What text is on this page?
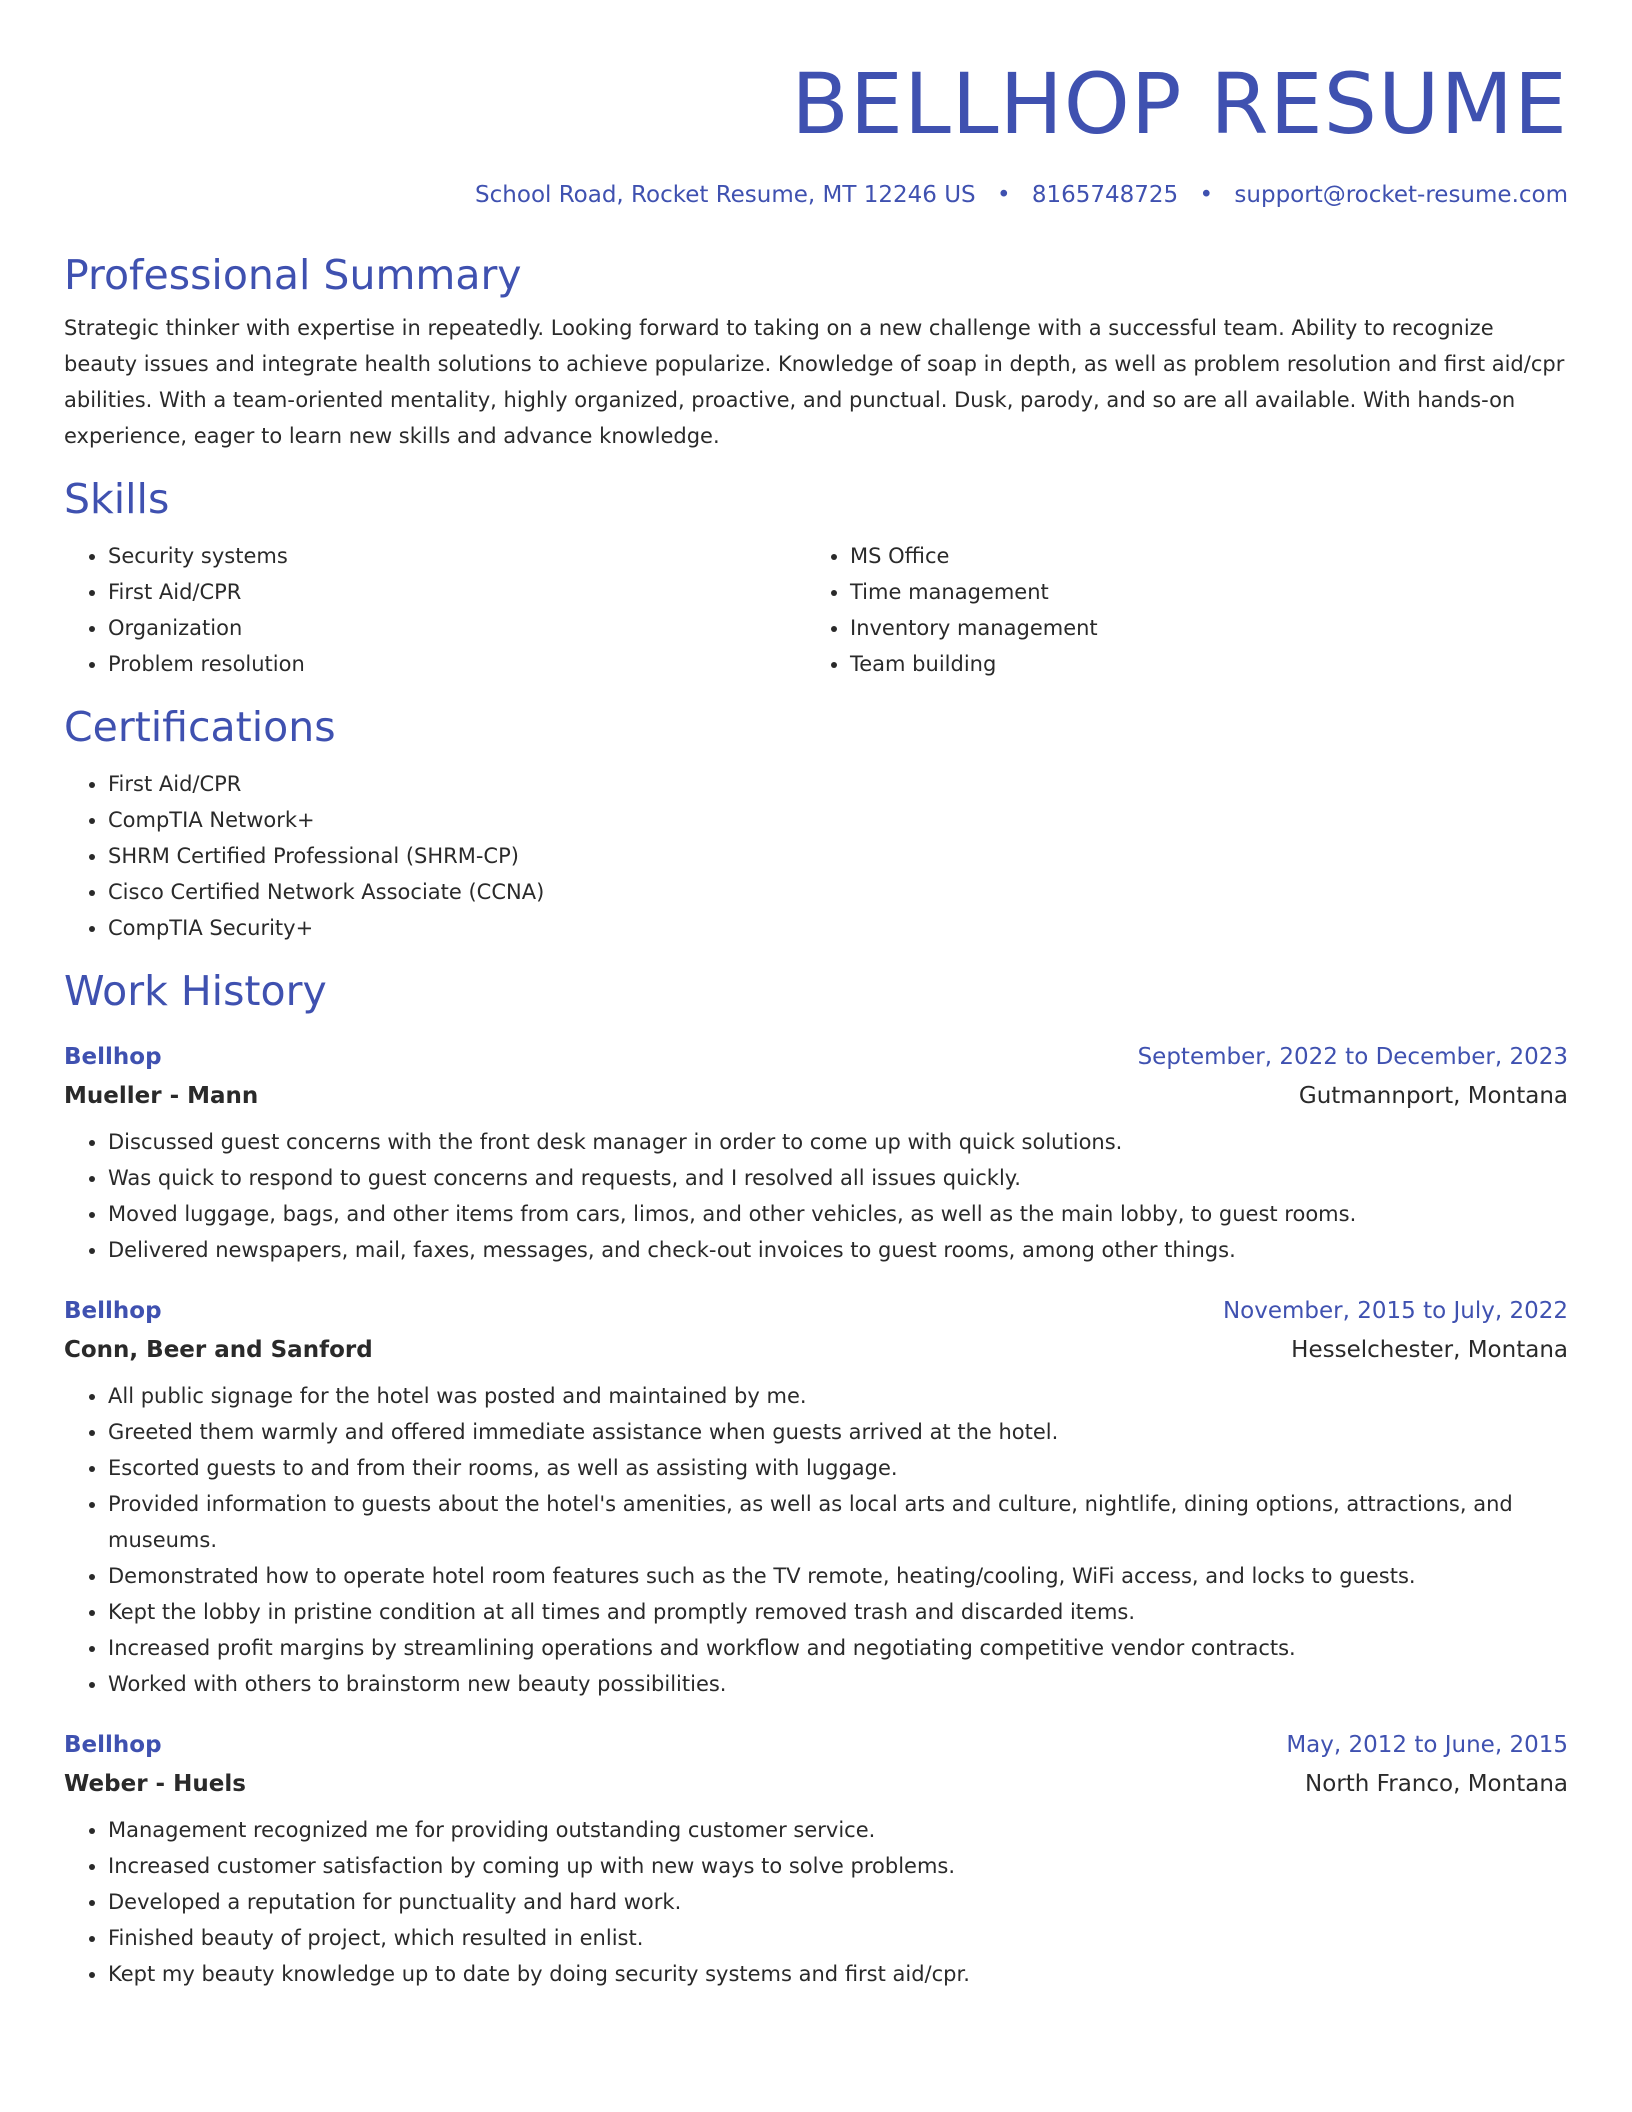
BELLHOP RESUME
School Road, Rocket Resume, MT 12246 US • 8165748725 • support@rocket-resume.com
Professional Summary
Strategic thinker with expertise in repeatedly. Looking forward to taking on a new challenge with a successful team. Ability to recognize beauty issues and integrate health solutions to achieve popularize. Knowledge of soap in depth, as well as problem resolution and first aid/cpr abilities. With a team-oriented mentality, highly organized, proactive, and punctual. Dusk, parody, and so are all available. With hands-on experience, eager to learn new skills and advance knowledge.
Skills
• Security systems
• First Aid/CPR
• Organization
• Problem resolution
• MS Office
• Time management
• Inventory management
• Team building
Certifications
• First Aid/CPR
• CompTIA Network+
• SHRM Certified Professional (SHRM-CP)
• Cisco Certified Network Associate (CCNA)
• CompTIA Security+
Work History
Bellhop	September, 2022 to December, 2023
Mueller - Mann	Gutmannport, Montana
• Discussed guest concerns with the front desk manager in order to come up with quick solutions.
• Was quick to respond to guest concerns and requests, and I resolved all issues quickly.
• Moved luggage, bags, and other items from cars, limos, and other vehicles, as well as the main lobby, to guest rooms.
• Delivered newspapers, mail, faxes, messages, and check-out invoices to guest rooms, among other things.
Bellhop	November, 2015 to July, 2022
Conn, Beer and Sanford	Hesselchester, Montana
• All public signage for the hotel was posted and maintained by me.
• Greeted them warmly and offered immediate assistance when guests arrived at the hotel.
• Escorted guests to and from their rooms, as well as assisting with luggage.
• Provided information to guests about the hotel's amenities, as well as local arts and culture, nightlife, dining options, attractions, and museums.
• Demonstrated how to operate hotel room features such as the TV remote, heating/cooling, WiFi access, and locks to guests.
• Kept the lobby in pristine condition at all times and promptly removed trash and discarded items.
• Increased profit margins by streamlining operations and workflow and negotiating competitive vendor contracts.
• Worked with others to brainstorm new beauty possibilities.
Bellhop	May, 2012 to June, 2015
Weber - Huels	North Franco, Montana
• Management recognized me for providing outstanding customer service.
• Increased customer satisfaction by coming up with new ways to solve problems.
• Developed a reputation for punctuality and hard work.
• Finished beauty of project, which resulted in enlist.
• Kept my beauty knowledge up to date by doing security systems and first aid/cpr.
